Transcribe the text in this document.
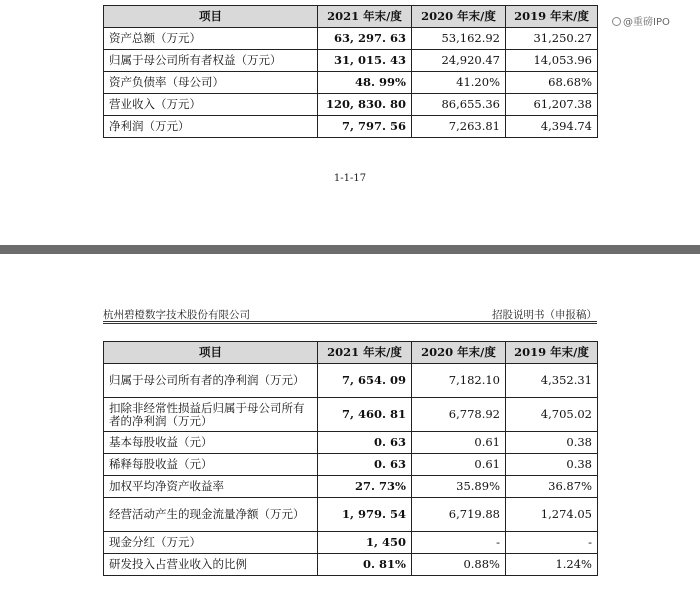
项目	2021 年末/度	2020 年末/度	2019 年末/度
资产总额（万元）	63, 297. 63	53,162.92	31,250.27
归属于母公司所有者权益（万元）	31, 015. 43	24,920.47	14,053.96
资产负债率（母公司）	48. 99%	41.20%	68.68%
营业收入（万元）	120, 830. 80	86,655.36	61,207.38
净利润（万元）	7, 797. 56	7,263.81	4,394.74
@重磅IPO
1-1-17
杭州碧橙数字技术股份有限公司	招股说明书（申报稿）
项目	2021 年末/度	2020 年末/度	2019 年末/度
归属于母公司所有者的净利润（万元）	7, 654. 09	7,182.10	4,352.31
扣除非经常性损益后归属于母公司所有者的净利润（万元）	7, 460. 81	6,778.92	4,705.02
基本每股收益（元）	0. 63	0.61	0.38
稀释每股收益（元）	0. 63	0.61	0.38
加权平均净资产收益率	27. 73%	35.89%	36.87%
经营活动产生的现金流量净额（万元）	1, 979. 54	6,719.88	1,274.05
现金分红（万元）	1, 450	-	-
研发投入占营业收入的比例	0. 81%	0.88%	1.24%
